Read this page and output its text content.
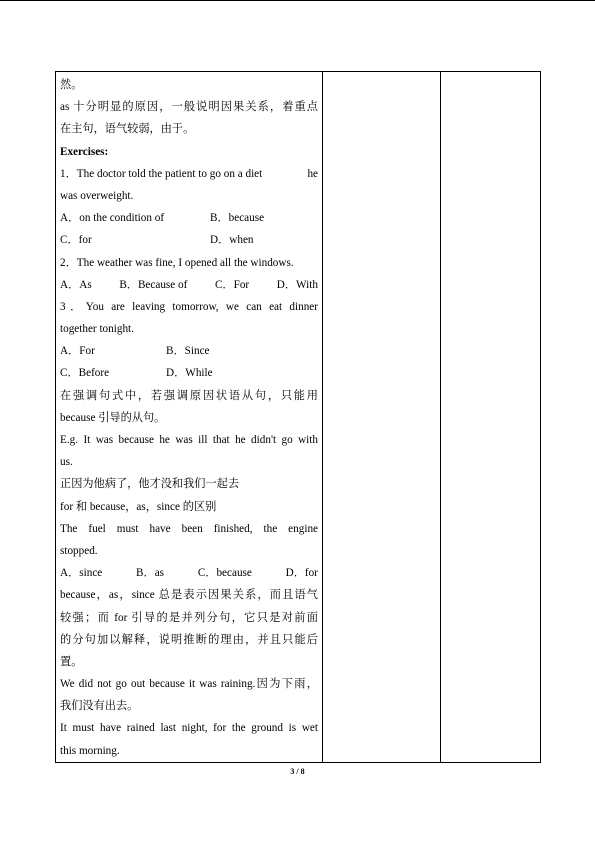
然。
as 十分明显的原因，一般说明因果关系，着重点
在主句，语气较弱，由于。
Exercises:
1．The doctor told the patient to go on a diet	he
was overweight.
A．on the condition of	B．because
C．for	D．when
2．The weather was fine, I opened all the windows.
A．As B．Because of C．For D．With
3．You are leaving tomorrow, we can eat dinner
together tonight.
A．For	B．Since
C．Before	D．While
在强调句式中，若强调原因状语从句，只能用
because 引导的从句。
E.g. It was because he was ill that he didn't go with
us.
正因为他病了，他才没和我们一起去
for 和 because，as，since 的区别
The fuel must have been finished, the engine
stopped.
A．since	B．as	C．because	D．for
because，as，since 总是表示因果关系，而且语气
较强；而 for 引导的是并列分句，它只是对前面
的分句加以解释，说明推断的理由，并且只能后
置。
We did not go out because it was raining.因为下雨，
我们没有出去。
It must have rained last night, for the ground is wet
this morning.

3 / 8
